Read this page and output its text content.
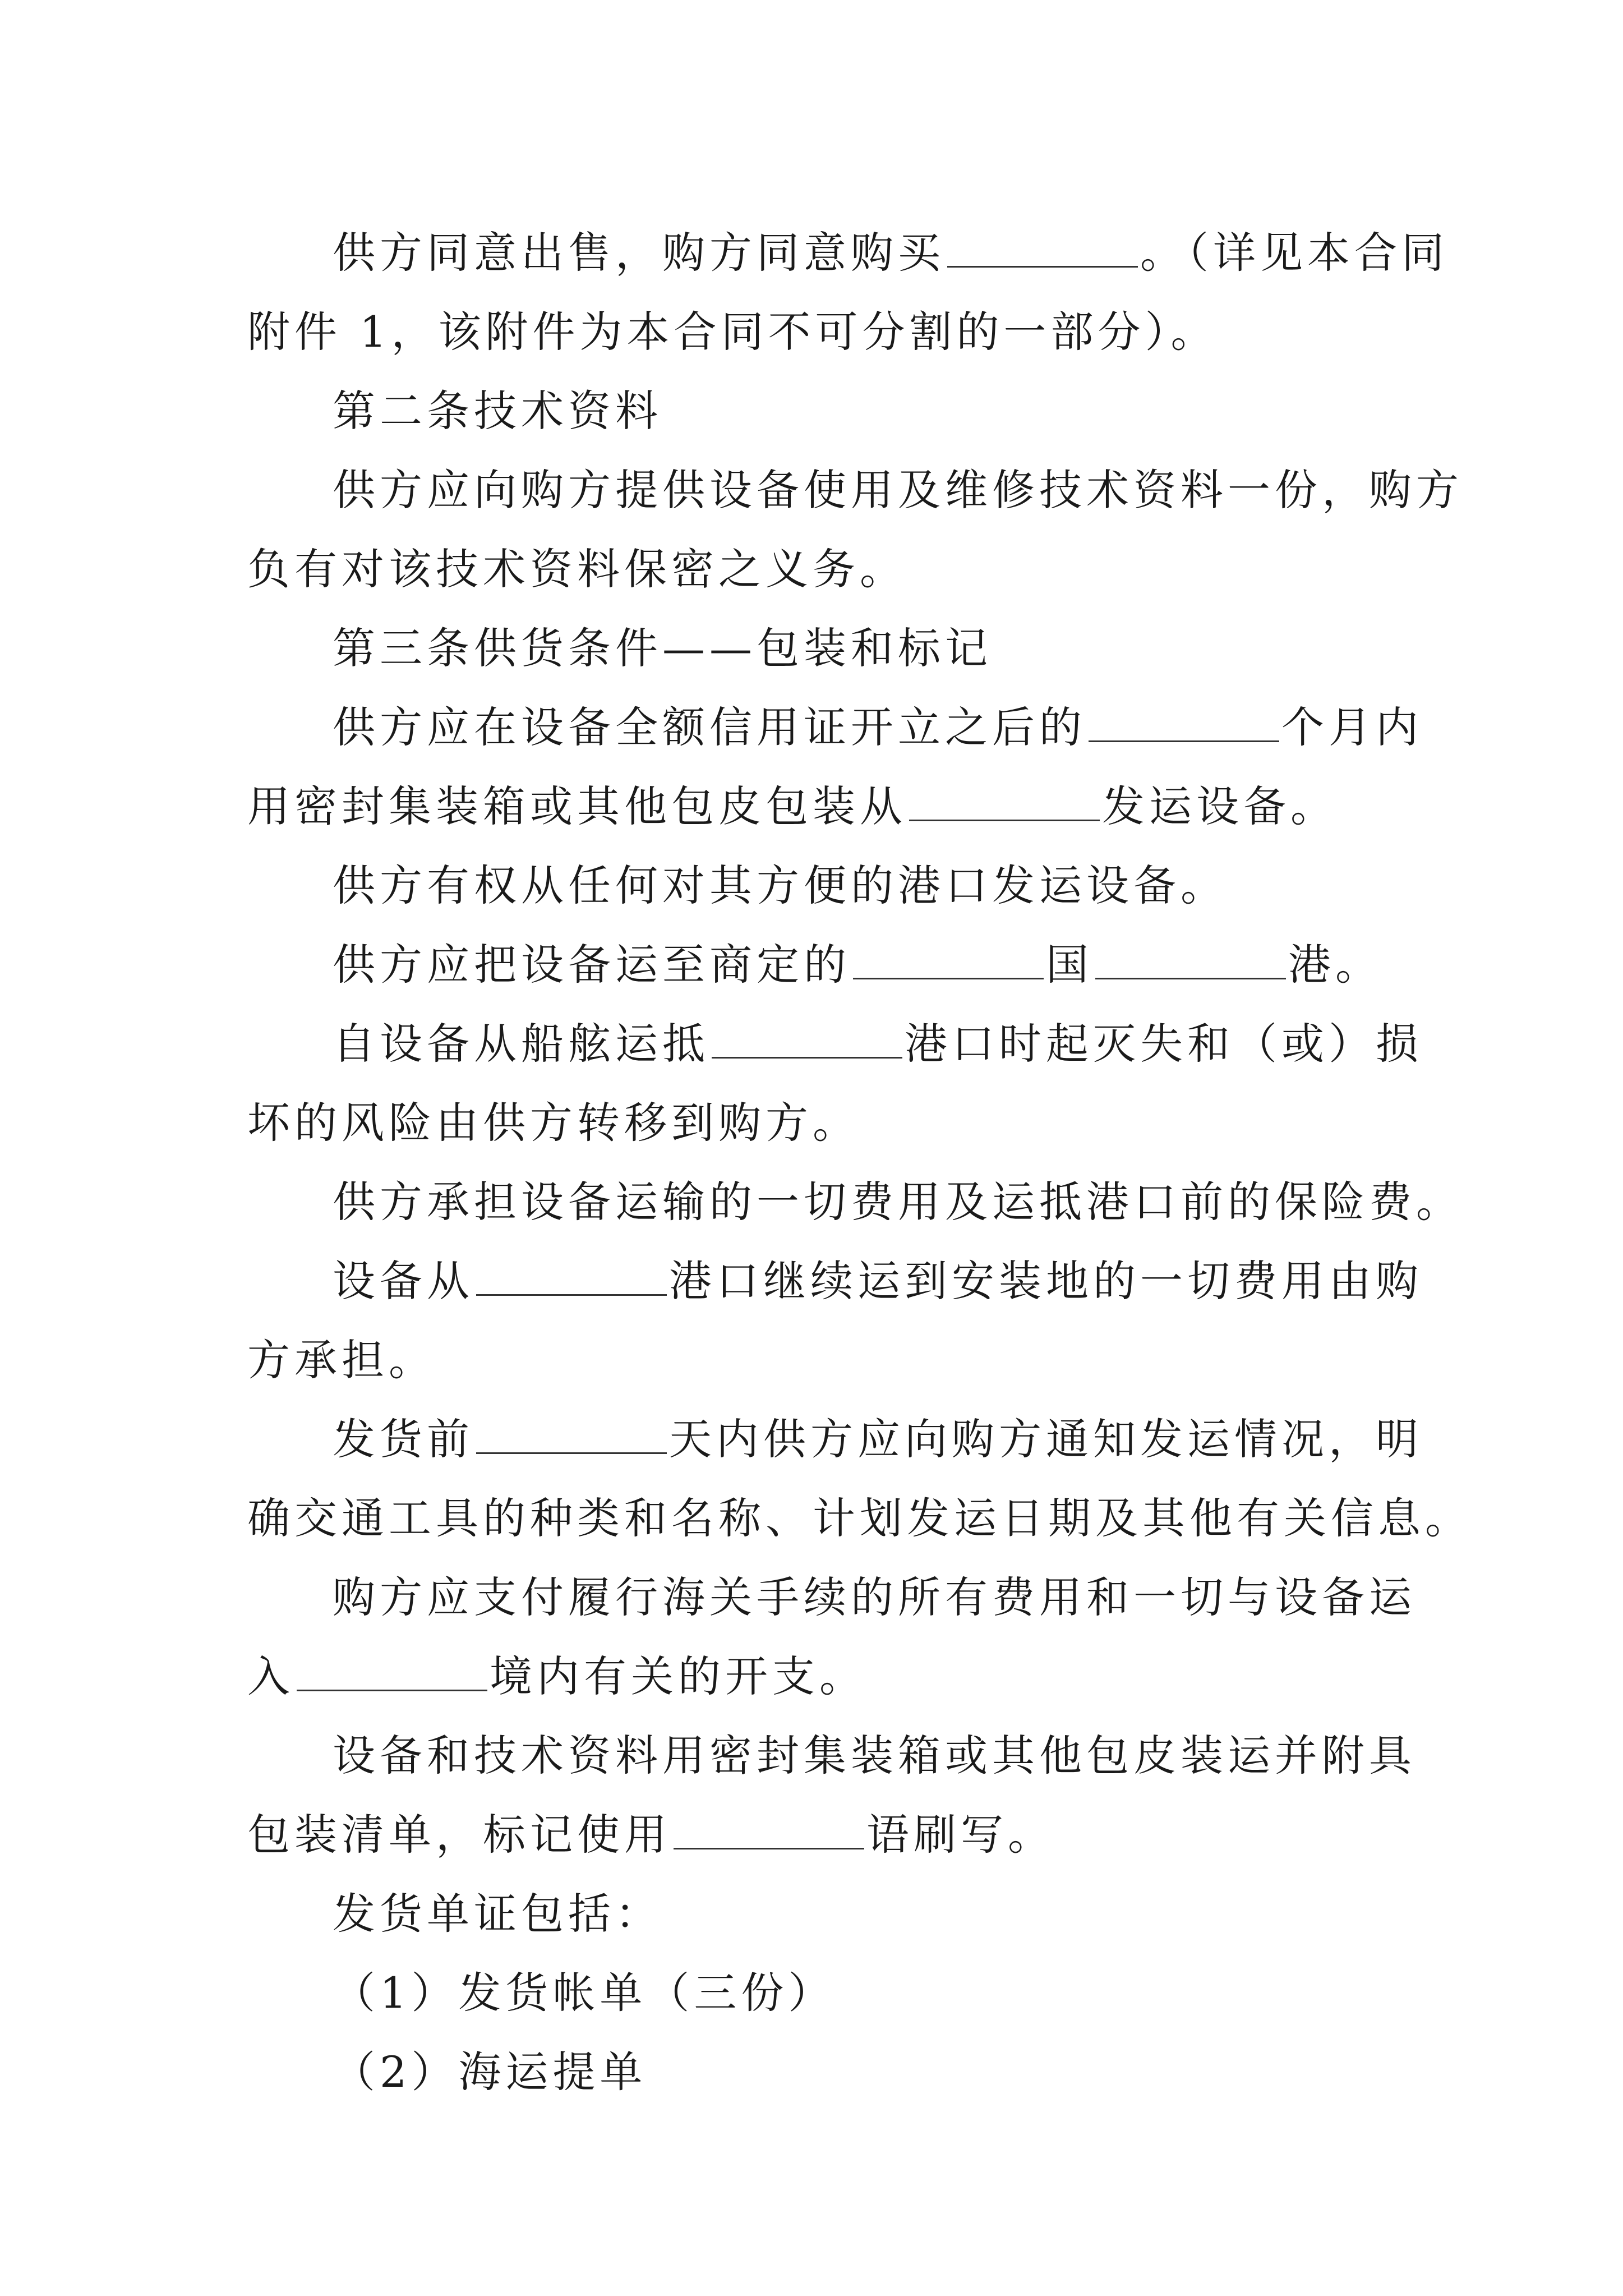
供方同意出售，购方同意购买	。（详见本合同
附件 1，该附件为本合同不可分割的一部分）。
第二条技术资料
供方应向购方提供设备使用及维修技术资料一份，购方
负有对该技术资料保密之义务。
第三条供货条件——包装和标记
供方应在设备全额信用证开立之后的	个月内
用密封集装箱或其他包皮包装从	发运设备。
供方有权从任何对其方便的港口发运设备。
供方应把设备运至商定的	国	港。
自设备从船舷运抵	港口时起灭失和（或）损
坏的风险由供方转移到购方。
供方承担设备运输的一切费用及运抵港口前的保险费。
设备从	港口继续运到安装地的一切费用由购
方承担。
发货前	天内供方应向购方通知发运情况，明
确交通工具的种类和名称、计划发运日期及其他有关信息。
购方应支付履行海关手续的所有费用和一切与设备运
入	境内有关的开支。
设备和技术资料用密封集装箱或其他包皮装运并附具
包装清单，标记使用	语刷写。
发货单证包括：
（1）发货帐单（三份）
（2）海运提单
